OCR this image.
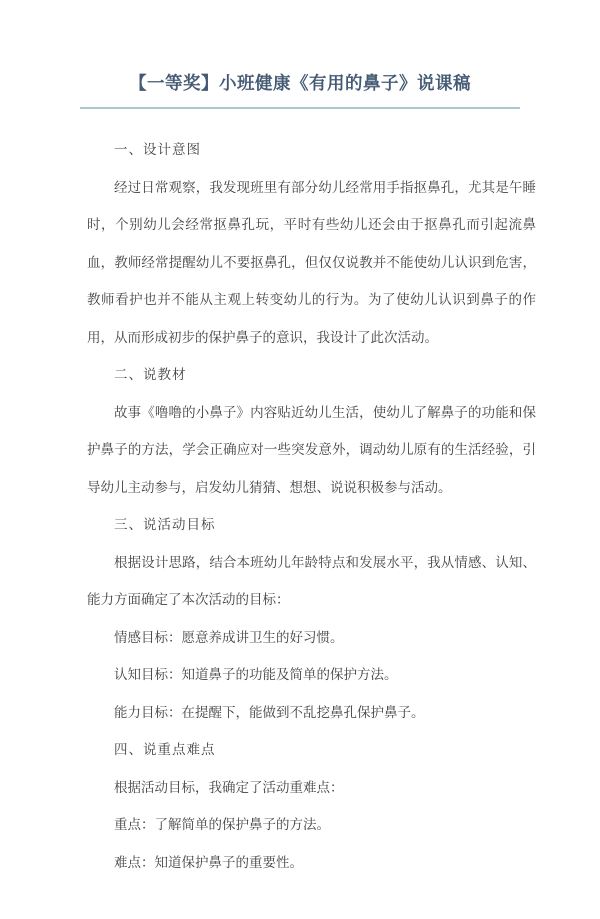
【一等奖】小班健康《有用的鼻子》说课稿

一、设计意图

经过日常观察，我发现班里有部分幼儿经常用手指抠鼻孔，尤其是午睡时，个别幼儿会经常抠鼻孔玩，平时有些幼儿还会由于抠鼻孔而引起流鼻血，教师经常提醒幼儿不要抠鼻孔，但仅仅说教并不能使幼儿认识到危害，教师看护也并不能从主观上转变幼儿的行为。为了使幼儿认识到鼻子的作用，从而形成初步的保护鼻子的意识，我设计了此次活动。

二、说教材

故事《噜噜的小鼻子》内容贴近幼儿生活，使幼儿了解鼻子的功能和保护鼻子的方法，学会正确应对一些突发意外，调动幼儿原有的生活经验，引导幼儿主动参与，启发幼儿猜猜、想想、说说积极参与活动。

三、说活动目标

根据设计思路，结合本班幼儿年龄特点和发展水平，我从情感、认知、能力方面确定了本次活动的目标：

情感目标：愿意养成讲卫生的好习惯。

认知目标：知道鼻子的功能及简单的保护方法。

能力目标：在提醒下，能做到不乱挖鼻孔保护鼻子。

四、说重点难点

根据活动目标，我确定了活动重难点：

重点：了解简单的保护鼻子的方法。

难点：知道保护鼻子的重要性。
